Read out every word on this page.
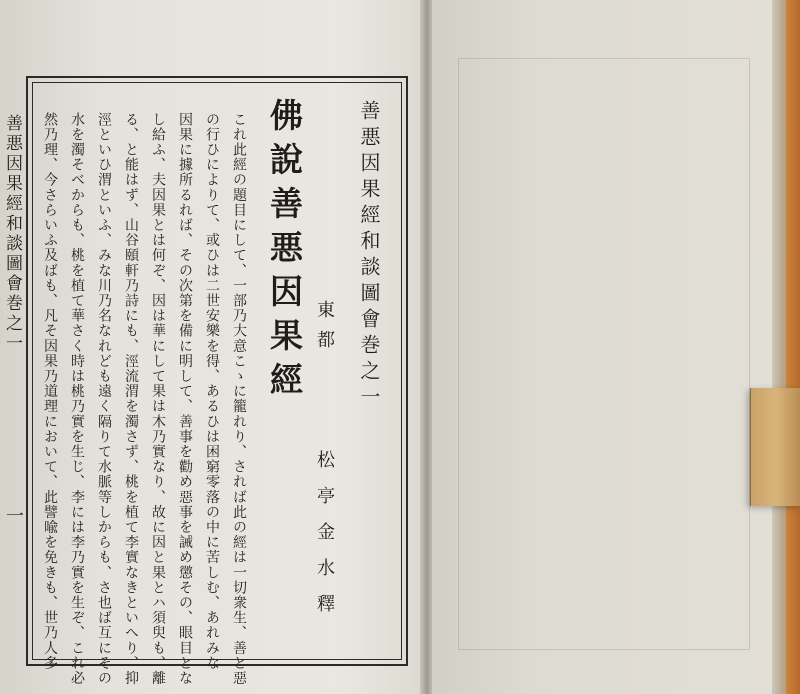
善悪因果經和談圖會巻之一
一
善悪因果經和談圖會巻之一
佛說善悪因果經 東都
松亭金水釋
これ此經の題目にして、一部乃大意こゝに籠れり、されば此の經は一切衆生、善と惡
の行ひによりて、或ひは二世安樂を得、あるひは困窮零落の中に苦しむ、あれみな
因果に據所るれば、その次第を備に明して、善事を勸め惡事を誡め懲その、眼目とな
し給ふ、夫因果とは何ぞ、因は華にして果は木乃實なり、故に因と果とハ須臾も、離
る、と能はず、山谷頤軒乃詩にも、涇流渭を濁さず、桃を植て李實なきといへり、抑
涇といひ渭といふ、みな川乃名なれども遠く隔りて水脈等しからも、さ也ば互にその
水を濁そべからも、桃を植て華さく時は桃乃實を生じ、李には李乃實を生ぞ、これ必
然乃理、今さらいふ及ばも、凡そ因果乃道理において、此譬喩を免きも、世乃人多
